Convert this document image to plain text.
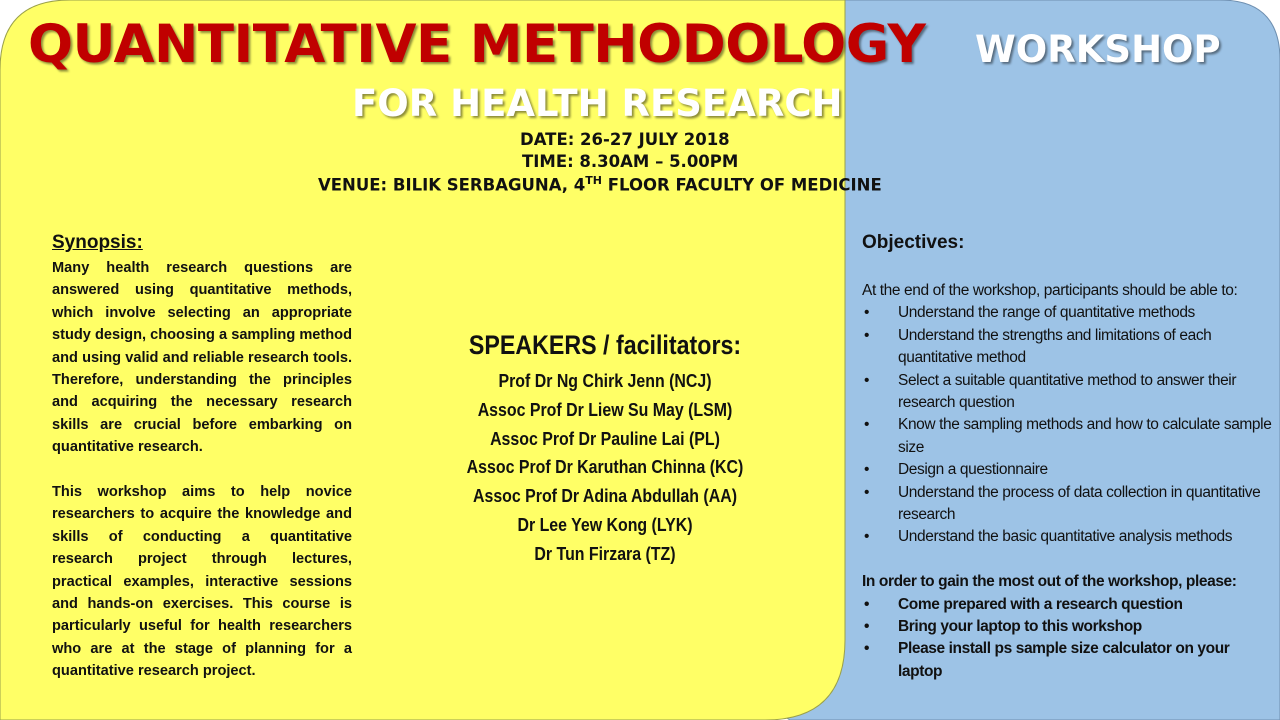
QUANTITATIVE METHODOLOGY WORKSHOP
FOR HEALTH RESEARCH
DATE: 26-27 JULY 2018
TIME: 8.30AM – 5.00PM
VENUE: BILIK SERBAGUNA, 4TH FLOOR FACULTY OF MEDICINE
Synopsis:

Many health research questions are answered using quantitative methods, which involve selecting an appropriate study design, choosing a sampling method and using valid and reliable research tools. Therefore, understanding the principles and acquiring the necessary research skills are crucial before embarking on quantitative research.

This workshop aims to help novice researchers to acquire the knowledge and skills of conducting a quantitative research project through lectures, practical examples, interactive sessions and hands-on exercises. This course is particularly useful for health researchers who are at the stage of planning for a quantitative research project.

SPEAKERS / facilitators:
Prof Dr Ng Chirk Jenn (NCJ)
Assoc Prof Dr Liew Su May (LSM)
Assoc Prof Dr Pauline Lai (PL)
Assoc Prof Dr Karuthan Chinna (KC)
Assoc Prof Dr Adina Abdullah (AA)
Dr Lee Yew Kong (LYK)
Dr Tun Firzara (TZ)
Objectives:

At the end of the workshop, participants should be able to:

• Understand the range of quantitative methods
• Understand the strengths and limitations of each quantitative method
• Select a suitable quantitative method to answer their research question
• Know the sampling methods and how to calculate sample size
• Design a questionnaire
• Understand the process of data collection in quantitative research
• Understand the basic quantitative analysis methods

In order to gain the most out of the workshop, please:

• Come prepared with a research question
• Bring your laptop to this workshop
• Please install ps sample size calculator on your laptop
